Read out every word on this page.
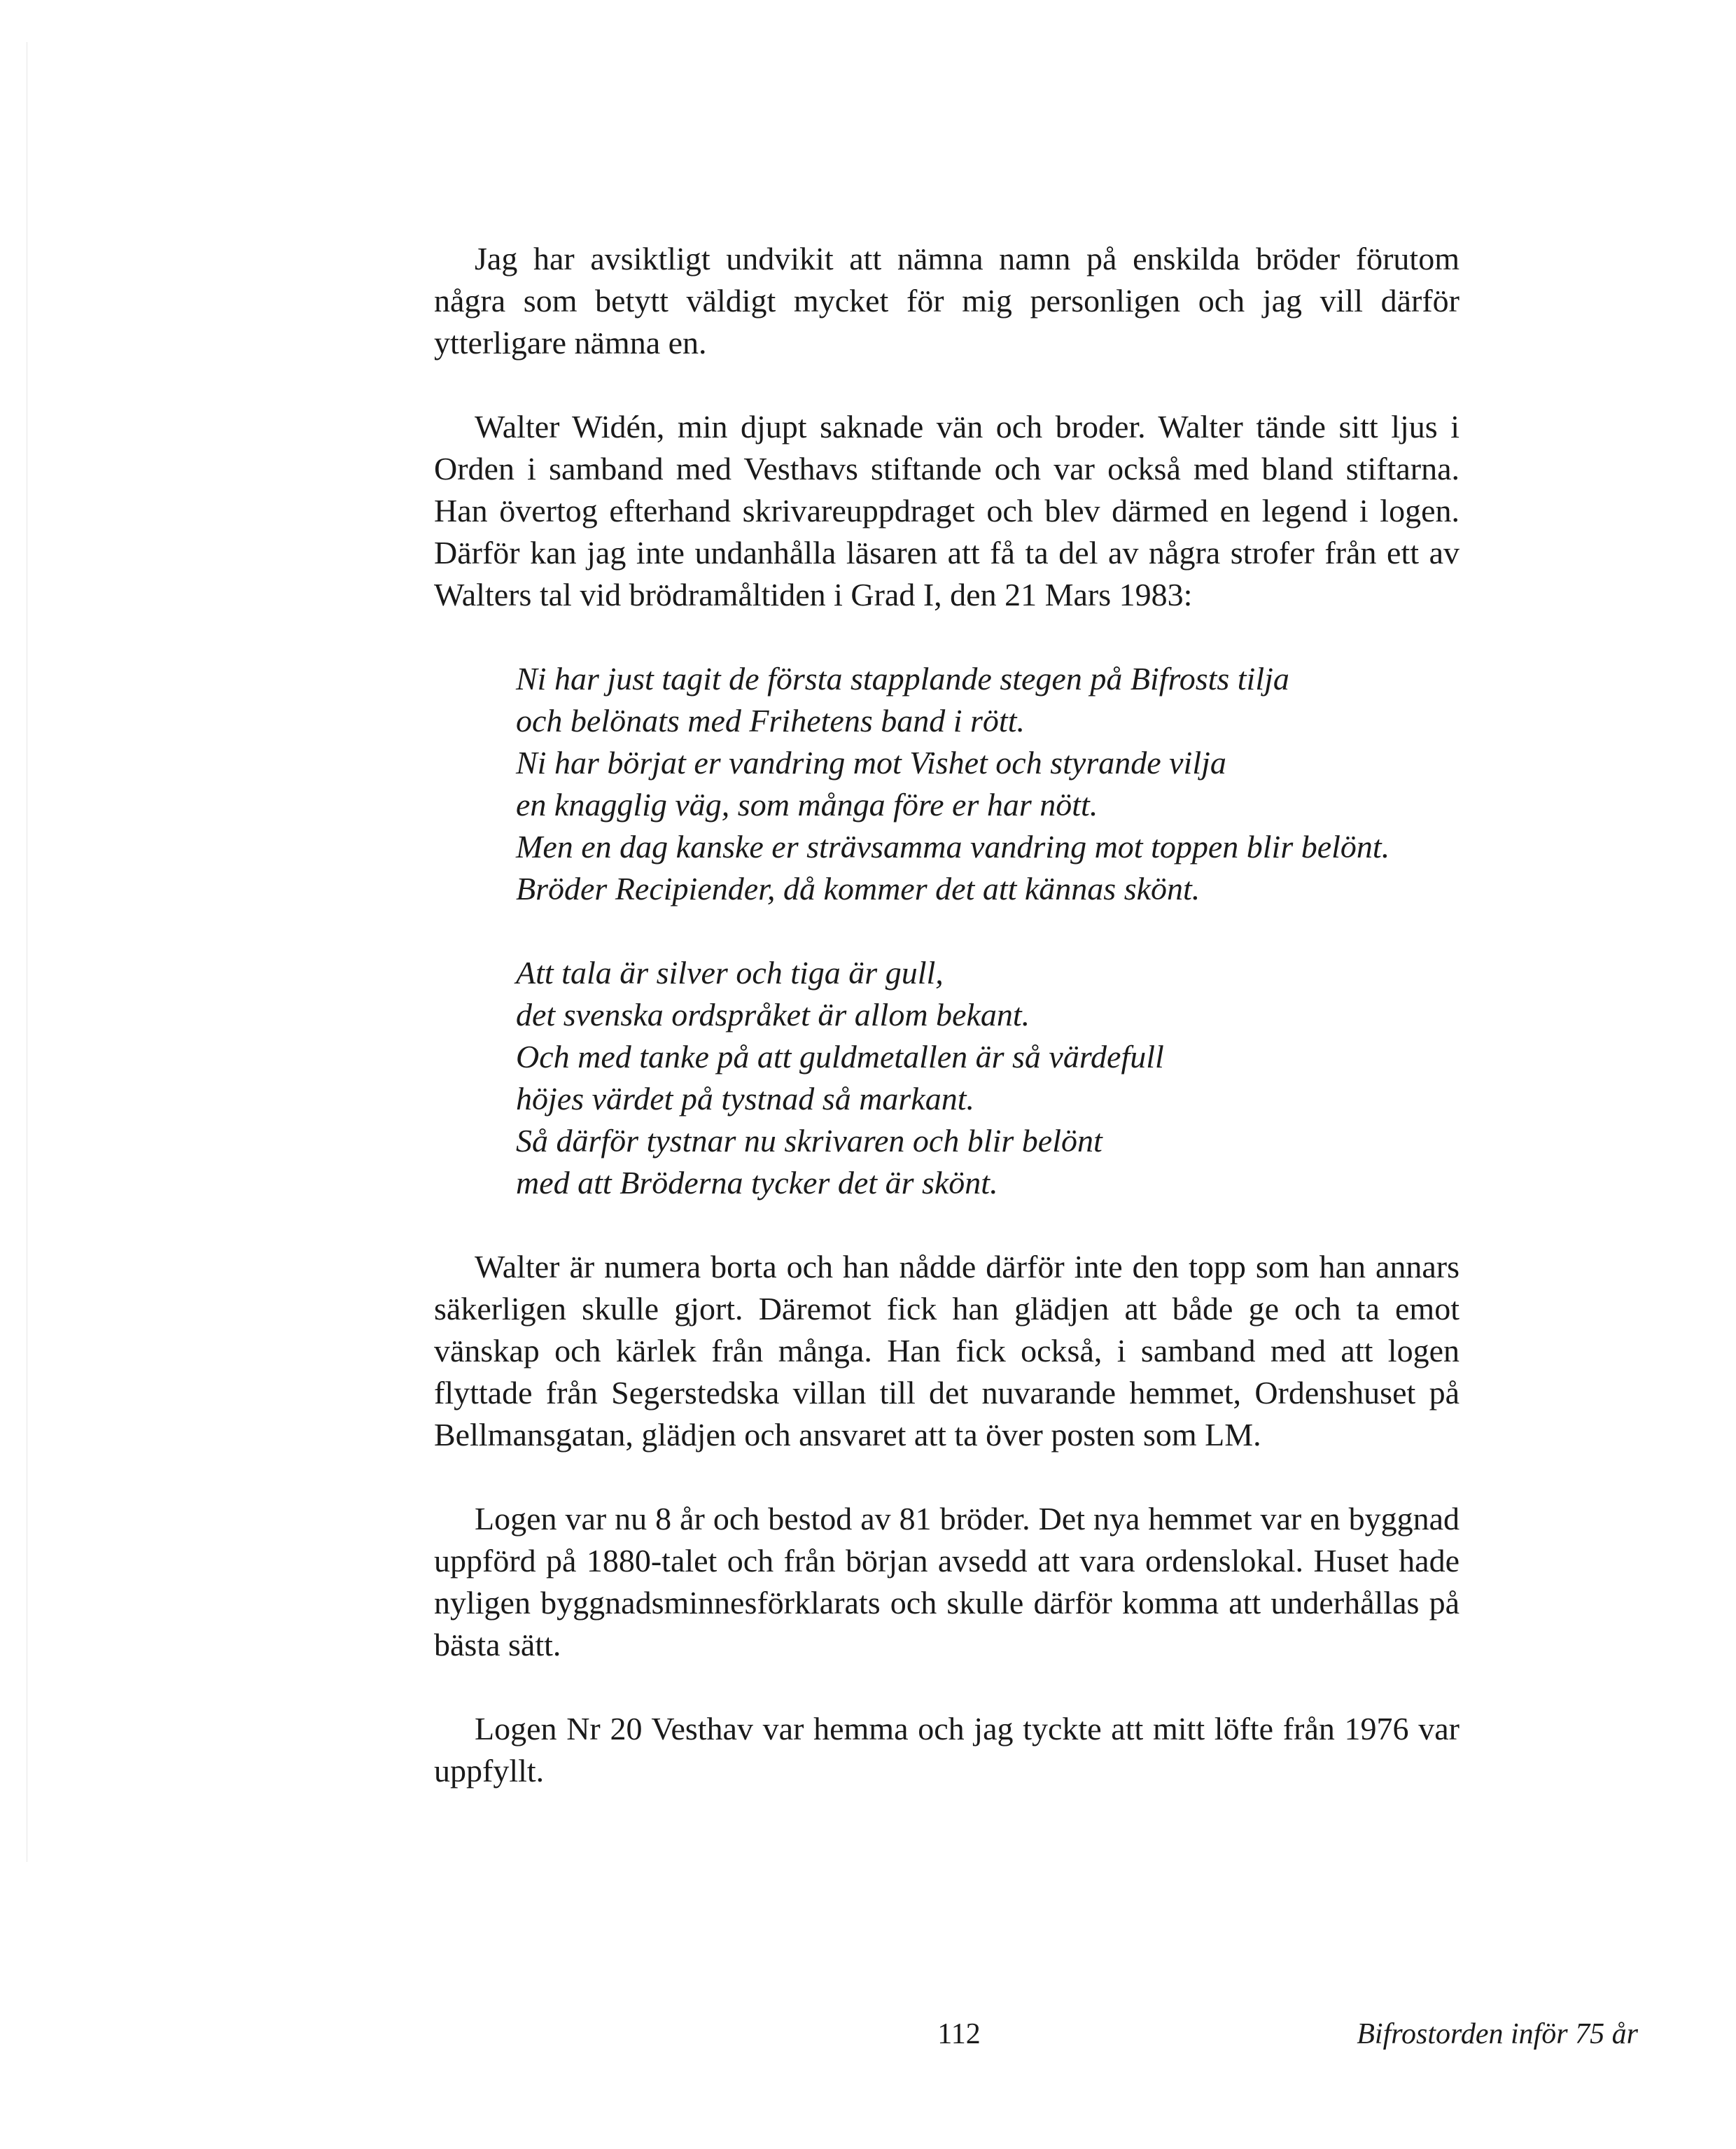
Jag har avsiktligt undvikit att nämna namn på enskilda bröder förutom några som betytt väldigt mycket för mig personligen och jag vill därför ytterligare nämna en.

Walter Widén, min djupt saknade vän och broder. Walter tände sitt ljus i Orden i samband med Vesthavs stiftande och var också med bland stiftarna. Han övertog efterhand skrivareuppdraget och blev därmed en legend i logen. Därför kan jag inte undanhålla läsaren att få ta del av några strofer från ett av Walters tal vid brödramåltiden i Grad I, den 21 Mars 1983:

Ni har just tagit de första stapplande stegen på Bifrosts tilja
och belönats med Frihetens band i rött.
Ni har börjat er vandring mot Vishet och styrande vilja
en knagglig väg, som många före er har nött.
Men en dag kanske er strävsamma vandring mot toppen blir belönt.
Bröder Recipiender, då kommer det att kännas skönt.
Att tala är silver och tiga är gull,
det svenska ordspråket är allom bekant.
Och med tanke på att guldmetallen är så värdefull
höjes värdet på tystnad så markant.
Så därför tystnar nu skrivaren och blir belönt
med att Bröderna tycker det är skönt.

Walter är numera borta och han nådde därför inte den topp som han annars säkerligen skulle gjort. Däremot fick han glädjen att både ge och ta emot vänskap och kärlek från många. Han fick också, i samband med att logen flyttade från Segerstedska villan till det nuvarande hemmet, Ordenshuset på Bellmansgatan, glädjen och ansvaret att ta över posten som LM.

Logen var nu 8 år och bestod av 81 bröder. Det nya hemmet var en byggnad uppförd på 1880-talet och från början avsedd att vara ordenslokal. Huset hade nyligen byggnadsminnesförklarats och skulle därför komma att underhållas på bästa sätt.

Logen Nr 20 Vesthav var hemma och jag tyckte att mitt löfte från 1976 var uppfyllt.

112	Bifrostorden inför 75 år
